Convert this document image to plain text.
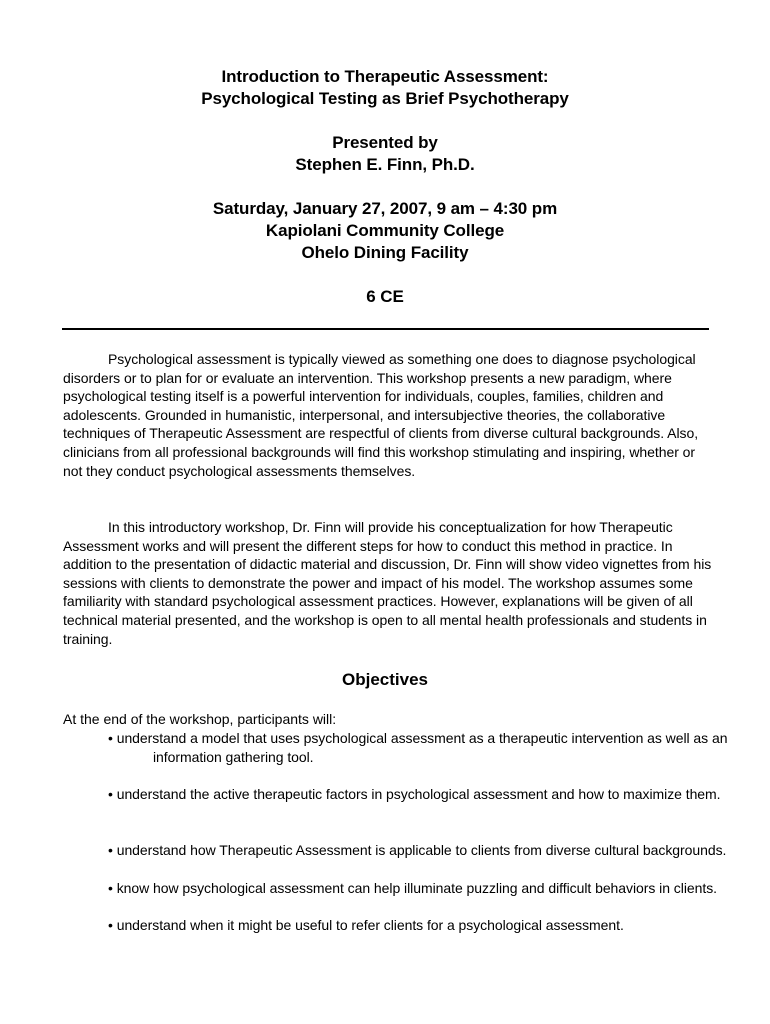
Introduction to Therapeutic Assessment:
Psychological Testing as Brief Psychotherapy
Presented by
Stephen E. Finn, Ph.D.
Saturday, January 27, 2007, 9 am – 4:30 pm
Kapiolani Community College
Ohelo Dining Facility
6 CE

Psychological assessment is typically viewed as something one does to diagnose psychological disorders or to plan for or evaluate an intervention. This workshop presents a new paradigm, where psychological testing itself is a powerful intervention for individuals, couples, families, children and adolescents. Grounded in humanistic, interpersonal, and intersubjective theories, the collaborative techniques of Therapeutic Assessment are respectful of clients from diverse cultural backgrounds. Also, clinicians from all professional backgrounds will find this workshop stimulating and inspiring, whether or not they conduct psychological assessments themselves.

In this introductory workshop, Dr. Finn will provide his conceptualization for how Therapeutic Assessment works and will present the different steps for how to conduct this method in practice. In addition to the presentation of didactic material and discussion, Dr. Finn will show video vignettes from his sessions with clients to demonstrate the power and impact of his model. The workshop assumes some familiarity with standard psychological assessment practices. However, explanations will be given of all technical material presented, and the workshop is open to all mental health professionals and students in training.

Objectives
At the end of the workshop, participants will:
• understand a model that uses psychological assessment as a therapeutic intervention as well as an information gathering tool.
• understand the active therapeutic factors in psychological assessment and how to maximize them.
• understand how Therapeutic Assessment is applicable to clients from diverse cultural backgrounds.
• know how psychological assessment can help illuminate puzzling and difficult behaviors in clients.
• understand when it might be useful to refer clients for a psychological assessment.
